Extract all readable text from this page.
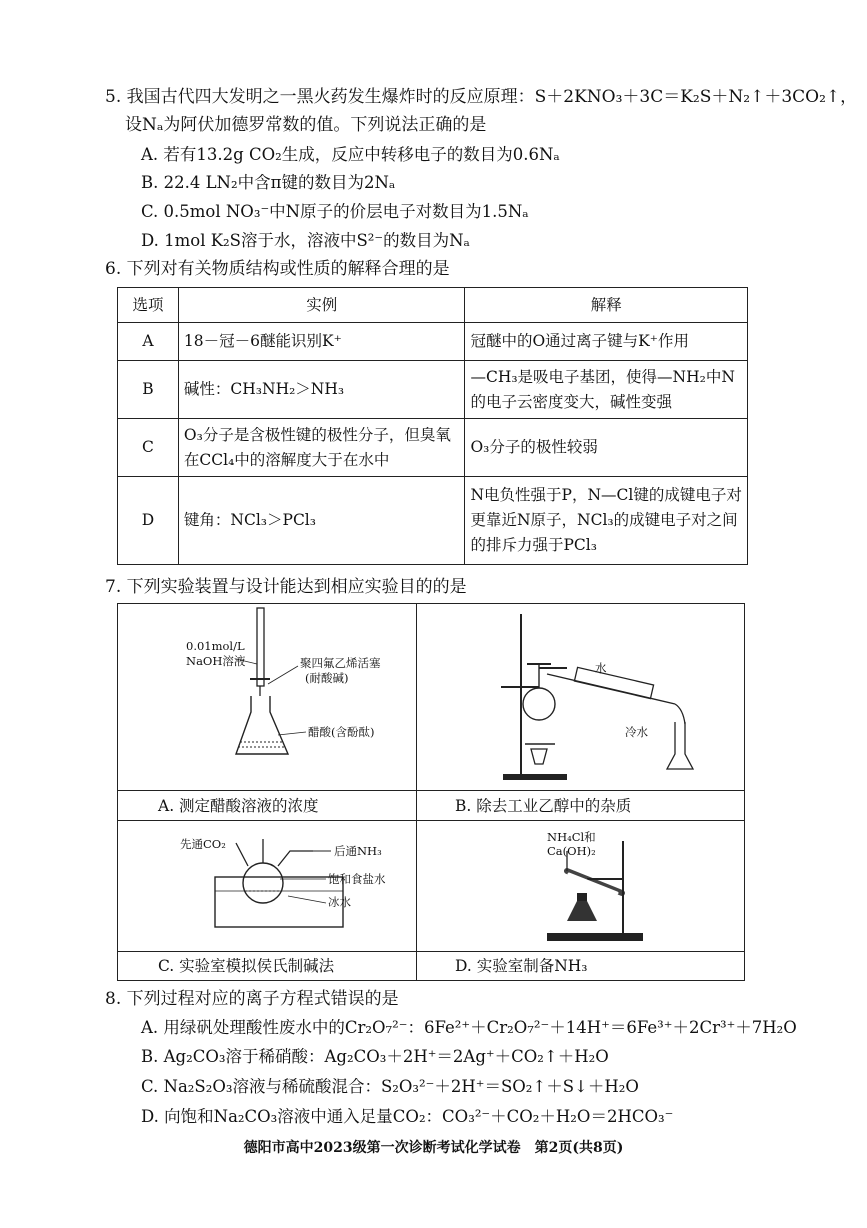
5. 我国古代四大发明之一黑火药发生爆炸时的反应原理：S＋2KNO₃＋3C＝K₂S＋N₂↑＋3CO₂↑，
设Nₐ为阿伏加德罗常数的值。下列说法正确的是
A. 若有13.2g CO₂生成，反应中转移电子的数目为0.6Nₐ
B. 22.4 LN₂中含π键的数目为2Nₐ
C. 0.5mol NO₃⁻中N原子的价层电子对数目为1.5Nₐ
D. 1mol K₂S溶于水，溶液中S²⁻的数目为Nₐ
6. 下列对有关物质结构或性质的解释合理的是
选项	实例	解释
A	18－冠－6醚能识别K⁺	冠醚中的O通过离子键与K⁺作用
B	碱性：CH₃NH₂＞NH₃	—CH₃是吸电子基团，使得—NH₂中N的电子云密度变大，碱性变强
C	O₃分子是含极性键的极性分子，但臭氧在CCl₄中的溶解度大于在水中	O₃分子的极性较弱
D	键角：NCl₃＞PCl₃	N电负性强于P，N—Cl键的成键电子对更靠近N原子，NCl₃的成键电子对之间的排斥力强于PCl₃
7. 下列实验装置与设计能达到相应实验目的的是
0.01mol/L
NaOH溶液	聚四氟乙烯活塞
(耐酸碱)
醋酸(含酚酞)
A. 测定醋酸溶液的浓度
水
冷水
B. 除去工业乙醇中的杂质
先通CO₂	后通NH₃
饱和食盐水
冰水
C. 实验室模拟侯氏制碱法
NH₄Cl和
Ca(OH)₂
D. 实验室制备NH₃
8. 下列过程对应的离子方程式错误的是
A. 用绿矾处理酸性废水中的Cr₂O₇²⁻：6Fe²⁺＋Cr₂O₇²⁻＋14H⁺＝6Fe³⁺＋2Cr³⁺＋7H₂O
B. Ag₂CO₃溶于稀硝酸：Ag₂CO₃＋2H⁺＝2Ag⁺＋CO₂↑＋H₂O
C. Na₂S₂O₃溶液与稀硫酸混合：S₂O₃²⁻＋2H⁺＝SO₂↑＋S↓＋H₂O
D. 向饱和Na₂CO₃溶液中通入足量CO₂：CO₃²⁻＋CO₂＋H₂O＝2HCO₃⁻
德阳市高中2023级第一次诊断考试化学试卷　第2页(共8页)
